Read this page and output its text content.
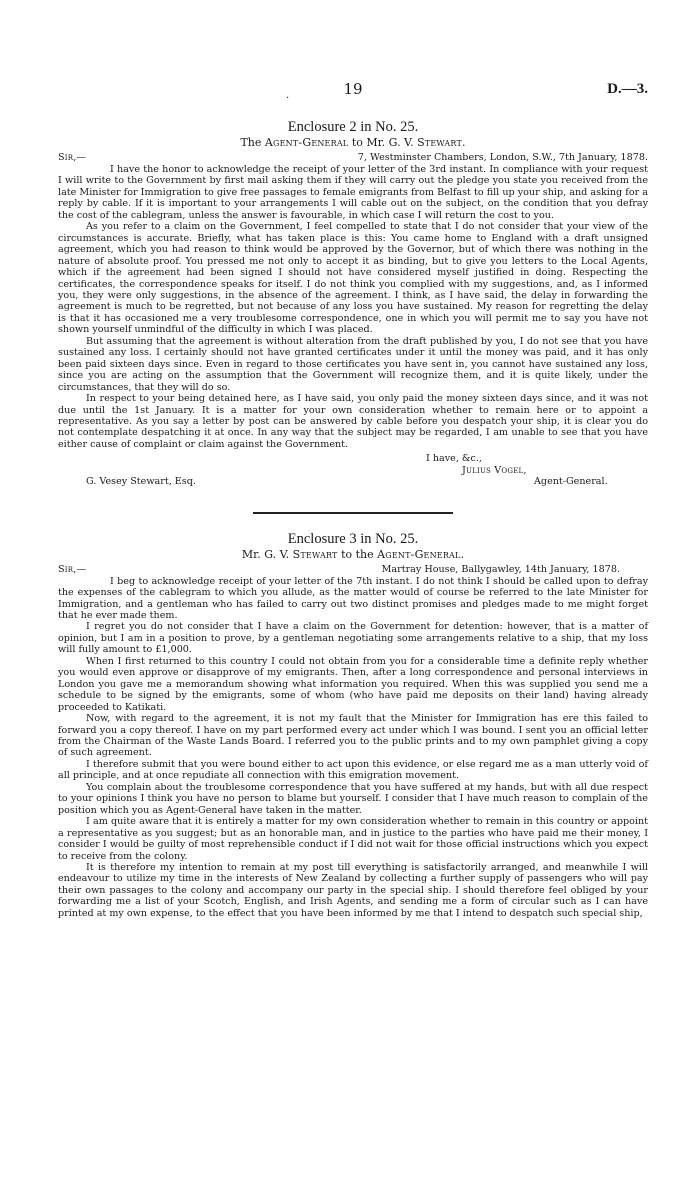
.	19	D.—3.
Enclosure 2 in No. 25.
The Agent-General to Mr. G. V. Stewart.
Sir,—	7, Westminster Chambers, London, S.W., 7th January, 1878.

I have the honor to acknowledge the receipt of your letter of the 3rd instant. In compliance with your request I will write to the Government by first mail asking them if they will carry out the pledge you state you received from the late Minister for Immigration to give free passages to female emigrants from Belfast to fill up your ship, and asking for a reply by cable. If it is important to your arrangements I will cable out on the subject, on the condition that you defray the cost of the cablegram, unless the answer is favourable, in which case I will return the cost to you.

As you refer to a claim on the Government, I feel compelled to state that I do not consider that your view of the circumstances is accurate. Briefly, what has taken place is this: You came home to England with a draft unsigned agreement, which you had reason to think would be approved by the Governor, but of which there was nothing in the nature of absolute proof. You pressed me not only to accept it as binding, but to give you letters to the Local Agents, which if the agreement had been signed I should not have considered myself justified in doing. Respecting the certificates, the correspondence speaks for itself. I do not think you complied with my suggestions, and, as I informed you, they were only suggestions, in the absence of the agreement. I think, as I have said, the delay in forwarding the agreement is much to be regretted, but not because of any loss you have sustained. My reason for regretting the delay is that it has occasioned me a very troublesome correspondence, one in which you will permit me to say you have not shown yourself unmindful of the difficulty in which I was placed.

But assuming that the agreement is without alteration from the draft published by you, I do not see that you have sustained any loss. I certainly should not have granted certificates under it until the money was paid, and it has only been paid sixteen days since. Even in regard to those certificates you have sent in, you cannot have sustained any loss, since you are acting on the assumption that the Government will recognize them, and it is quite likely, under the circumstances, that they will do so.

In respect to your being detained here, as I have said, you only paid the money sixteen days since, and it was not due until the 1st January. It is a matter for your own consideration whether to remain here or to appoint a representative. As you say a letter by post can be answered by cable before you despatch your ship, it is clear you do not contemplate despatching it at once. In any way that the subject may be regarded, I am unable to see that you have either cause of complaint or claim against the Government.

I have, &c.,
Julius Vogel,
G. Vesey Stewart, Esq.	Agent-General.
Enclosure 3 in No. 25.
Mr. G. V. Stewart to the Agent-General.
Sir,—	Martray House, Ballygawley, 14th January, 1878.

I beg to acknowledge receipt of your letter of the 7th instant. I do not think I should be called upon to defray the expenses of the cablegram to which you allude, as the matter would of course be referred to the late Minister for Immigration, and a gentleman who has failed to carry out two distinct promises and pledges made to me might forget that he ever made them.

I regret you do not consider that I have a claim on the Government for detention: however, that is a matter of opinion, but I am in a position to prove, by a gentleman negotiating some arrangements relative to a ship, that my loss will fully amount to £1,000.

When I first returned to this country I could not obtain from you for a considerable time a definite reply whether you would even approve or disapprove of my emigrants. Then, after a long correspondence and personal interviews in London you gave me a memorandum showing what information you required. When this was supplied you send me a schedule to be signed by the emigrants, some of whom (who have paid me deposits on their land) having already proceeded to Katikati.

Now, with regard to the agreement, it is not my fault that the Minister for Immigration has ere this failed to forward you a copy thereof. I have on my part performed every act under which I was bound. I sent you an official letter from the Chairman of the Waste Lands Board. I referred you to the public prints and to my own pamphlet giving a copy of such agreement.

I therefore submit that you were bound either to act upon this evidence, or else regard me as a man utterly void of all principle, and at once repudiate all connection with this emigration movement.

You complain about the troublesome correspondence that you have suffered at my hands, but with all due respect to your opinions I think you have no person to blame but yourself. I consider that I have much reason to complain of the position which you as Agent-General have taken in the matter.

I am quite aware that it is entirely a matter for my own consideration whether to remain in this country or appoint a representative as you suggest; but as an honorable man, and in justice to the parties who have paid me their money, I consider I would be guilty of most reprehensible conduct if I did not wait for those official instructions which you expect to receive from the colony.

It is therefore my intention to remain at my post till everything is satisfactorily arranged, and meanwhile I will endeavour to utilize my time in the interests of New Zealand by collecting a further supply of passengers who will pay their own passages to the colony and accompany our party in the special ship. I should therefore feel obliged by your forwarding me a list of your Scotch, English, and Irish Agents, and sending me a form of circular such as I can have printed at my own expense, to the effect that you have been informed by me that I intend to despatch such special ship,
